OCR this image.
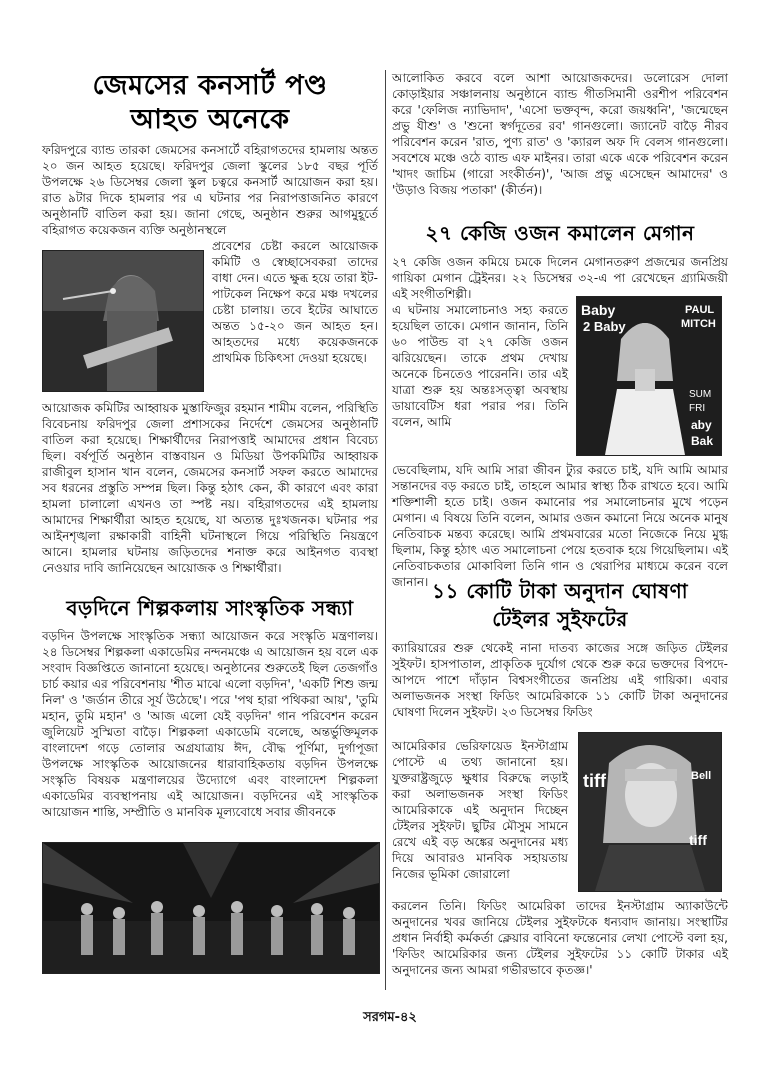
জেমসের কনসার্ট পণ্ড
আহত অনেকে

ফরিদপুরে ব্যান্ড তারকা জেমসের কনসার্টে বহিরাগতদের হামলায় অন্তত ২০ জন আহত হয়েছে। ফরিদপুর জেলা স্কুলের ১৮৫ বছর পূর্তি উপলক্ষে ২৬ ডিসেম্বর জেলা স্কুল চত্বরে কনসার্ট আয়োজন করা হয়। রাত ৯টার দিকে হামলার পর এ ঘটনার পর নিরাপত্তাজনিত কারণে অনুষ্ঠানটি বাতিল করা হয়। জানা গেছে, অনুষ্ঠান শুরুর আগমুহূর্তে বহিরাগত কয়েকজন ব্যক্তি অনুষ্ঠানস্থলে

প্রবেশের চেষ্টা করলে আয়োজক কমিটি ও স্বেচ্ছাসেবকরা তাদের বাধা দেন। এতে ক্ষুব্ধ হয়ে তারা ইট-পাটকেল নিক্ষেপ করে মঞ্চ দখলের চেষ্টা চালায়। তবে ইটের আঘাতে অন্তত ১৫-২০ জন আহত হন। আহতদের মধ্যে কয়েকজনকে প্রাথমিক চিকিৎসা দেওয়া হয়েছে।

আয়োজক কমিটির আহ্বায়ক মুস্তাফিজুর রহমান শামীম বলেন, পরিস্থিতি বিবেচনায় ফরিদপুর জেলা প্রশাসকের নির্দেশে জেমসের অনুষ্ঠানটি বাতিল করা হয়েছে। শিক্ষার্থীদের নিরাপত্তাই আমাদের প্রধান বিবেচ্য ছিল। বর্ষপূর্তি অনুষ্ঠান বাস্তবায়ন ও মিডিয়া উপকমিটির আহ্বায়ক রাজীবুল হাসান খান বলেন, জেমসের কনসার্ট সফল করতে আমাদের সব ধরনের প্রস্তুতি সম্পন্ন ছিল। কিন্তু হঠাৎ কেন, কী কারণে এবং কারা হামলা চালালো এখনও তা স্পষ্ট নয়। বহিরাগতদের এই হামলায় আমাদের শিক্ষার্থীরা আহত হয়েছে, যা অত্যন্ত দুঃখজনক। ঘটনার পর আইনশৃঙ্খলা রক্ষাকারী বাহিনী ঘটনাস্থলে গিয়ে পরিস্থিতি নিয়ন্ত্রণে আনে। হামলার ঘটনায় জড়িতদের শনাক্ত করে আইনগত ব্যবস্থা নেওয়ার দাবি জানিয়েছেন আয়োজক ও শিক্ষার্থীরা।

বড়দিনে শিল্পকলায় সাংস্কৃতিক সন্ধ্যা

বড়দিন উপলক্ষে সাংস্কৃতিক সন্ধ্যা আয়োজন করে সংস্কৃতি মন্ত্রণালয়। ২৪ ডিসেম্বর শিল্পকলা একাডেমির নন্দনমঞ্চে এ আয়োজন হয় বলে এক সংবাদ বিজ্ঞপ্তিতে জানানো হয়েছে। অনুষ্ঠানের শুরুতেই ছিল তেজগাঁও চার্চ কয়ার এর পরিবেশনায় 'শীত মাঝে এলো বড়দিন', 'একটি শিশু জন্ম নিল' ও 'জর্ডান তীরে সূর্য উঠেছে'। পরে 'পথ হারা পথিকরা আয়', 'তুমি মহান, তুমি মহান' ও 'আজ এলো যেই বড়দিন' গান পরিবেশন করেন জুলিয়েট সুস্মিতা বাড়ৈ। শিল্পকলা একাডেমি বলেছে, অন্তর্ভুক্তিমূলক বাংলাদেশ গড়ে তোলার অগ্রযাত্রায় ঈদ, বৌদ্ধ পূর্ণিমা, দুর্গাপূজা উপলক্ষে সাংস্কৃতিক আয়োজনের ধারাবাহিকতায় বড়দিন উপলক্ষে সংস্কৃতি বিষয়ক মন্ত্রণালয়ের উদ্যোগে এবং বাংলাদেশ শিল্পকলা একাডেমির ব্যবস্থাপনায় এই আয়োজন। বড়দিনের এই সাংস্কৃতিক আয়োজন শান্তি, সম্প্রীতি ও মানবিক মূল্যবোধে সবার জীবনকে

আলোকিত করবে বলে আশা আয়োজকদের। ডলোরেস দোলা কোড়াইয়ার সঞ্চালনায় অনুষ্ঠানে ব্যান্ড গীতসিমানী ওরশীপ পরিবেশন করে 'ফেলিজ ন্যাভিদাদ', 'এসো ভক্তবৃন্দ, করো জয়ধ্বনি', 'জন্মেছেন প্রভু যীশু' ও 'শুনো স্বর্গদূতের রব' গানগুলো। জ্যানেট বাড়ৈ নীরব পরিবেশন করেন 'রাত, পুণ্য রাত' ও 'ক্যারল অফ দি বেলস গানগুলো। সবশেষে মঞ্চে ওঠে ব্যান্ড এফ মাইনর। তারা একে একে পরিবেশন করেন 'খাদং জাচিম (গারো সংকীর্তন)', 'আজ প্রভু এসেছেন আমাদের' ও 'উড়াও বিজয় পতাকা' (কীর্তন)।

২৭ কেজি ওজন কমালেন মেগান

২৭ কেজি ওজন কমিয়ে চমকে দিলেন মেগানতরুণ প্রজন্মের জনপ্রিয় গায়িকা মেগান ট্রেইনর। ২২ ডিসেম্বর ৩২-এ পা রেখেছেন গ্র্যামিজয়ী এই সংগীতশিল্পী।

এ ঘটনায় সমালোচনাও সহ্য করতে হয়েছিল তাকে। মেগান জানান, তিনি ৬০ পাউন্ড বা ২৭ কেজি ওজন ঝরিয়েছেন। তাকে প্রথম দেখায় অনেকে চিনতেও পারেননি। তার এই যাত্রা শুরু হয় অন্তঃসত্ত্বা অবস্থায় ডায়াবেটিস ধরা পরার পর। তিনি বলেন, আমি

Baby
2 Baby
PAUL
MITCH
SUM
FRI
aby
Bak

ভেবেছিলাম, যদি আমি সারা জীবন ট্যুর করতে চাই, যদি আমি আমার সন্তানদের বড় করতে চাই, তাহলে আমার স্বাস্থ্য ঠিক রাখতে হবে। আমি শক্তিশালী হতে চাই। ওজন কমানোর পর সমালোচনার মুখে পড়েন মেগান। এ বিষয়ে তিনি বলেন, আমার ওজন কমানো নিয়ে অনেক মানুষ নেতিবাচক মন্তব্য করেছে। আমি প্রথমবারের মতো নিজেকে নিয়ে মুগ্ধ ছিলাম, কিন্তু হঠাৎ এত সমালোচনা পেয়ে হতবাক হয়ে গিয়েছিলাম। এই নেতিবাচকতার মোকাবিলা তিনি গান ও থেরাপির মাধ্যমে করেন বলে জানান। ১১ কোটি টাকা অনুদান ঘোষণা
টেইলর সুইফটের

ক্যারিয়ারের শুরু থেকেই নানা দাতব্য কাজের সঙ্গে জড়িত টেইলর সুইফট। হাসপাতাল, প্রাকৃতিক দুর্যোগ থেকে শুরু করে ভক্তদের বিপদে-আপদে পাশে দাঁড়ান বিশ্বসংগীতের জনপ্রিয় এই গায়িকা। এবার অলাভজনক সংস্থা ফিডিং আমেরিকাকে ১১ কোটি টাকা অনুদানের ঘোষণা দিলেন সুইফট। ২৩ ডিসেম্বর ফিডিং

আমেরিকার ভেরিফায়েড ইনস্টাগ্রাম পোস্টে এ তথ্য জানানো হয়। যুক্তরাষ্ট্রজুড়ে ক্ষুধার বিরুদ্ধে লড়াই করা অলাভজনক সংস্থা ফিডিং আমেরিকাকে এই অনুদান দিচ্ছেন টেইলর সুইফট। ছুটির মৌসুম সামনে রেখে এই বড় অঙ্কের অনুদানের মধ্য দিয়ে আবারও মানবিক সহায়তায় নিজের ভূমিকা জোরালো

tiff	Bell
tiff

করলেন তিনি। ফিডিং আমেরিকা তাদের ইনস্টাগ্রাম অ্যাকাউন্টে অনুদানের খবর জানিয়ে টেইলর সুইফটকে ধন্যবাদ জানায়। সংস্থাটির প্রধান নির্বাহী কর্মকর্তা ক্লেয়ার বাবিনো ফন্তেনোর লেখা পোস্টে বলা হয়, 'ফিডিং আমেরিকার জন্য টেইলর সুইফটের ১১ কোটি টাকার এই অনুদানের জন্য আমরা গভীরভাবে কৃতজ্ঞ।'

সরগম-৪২
